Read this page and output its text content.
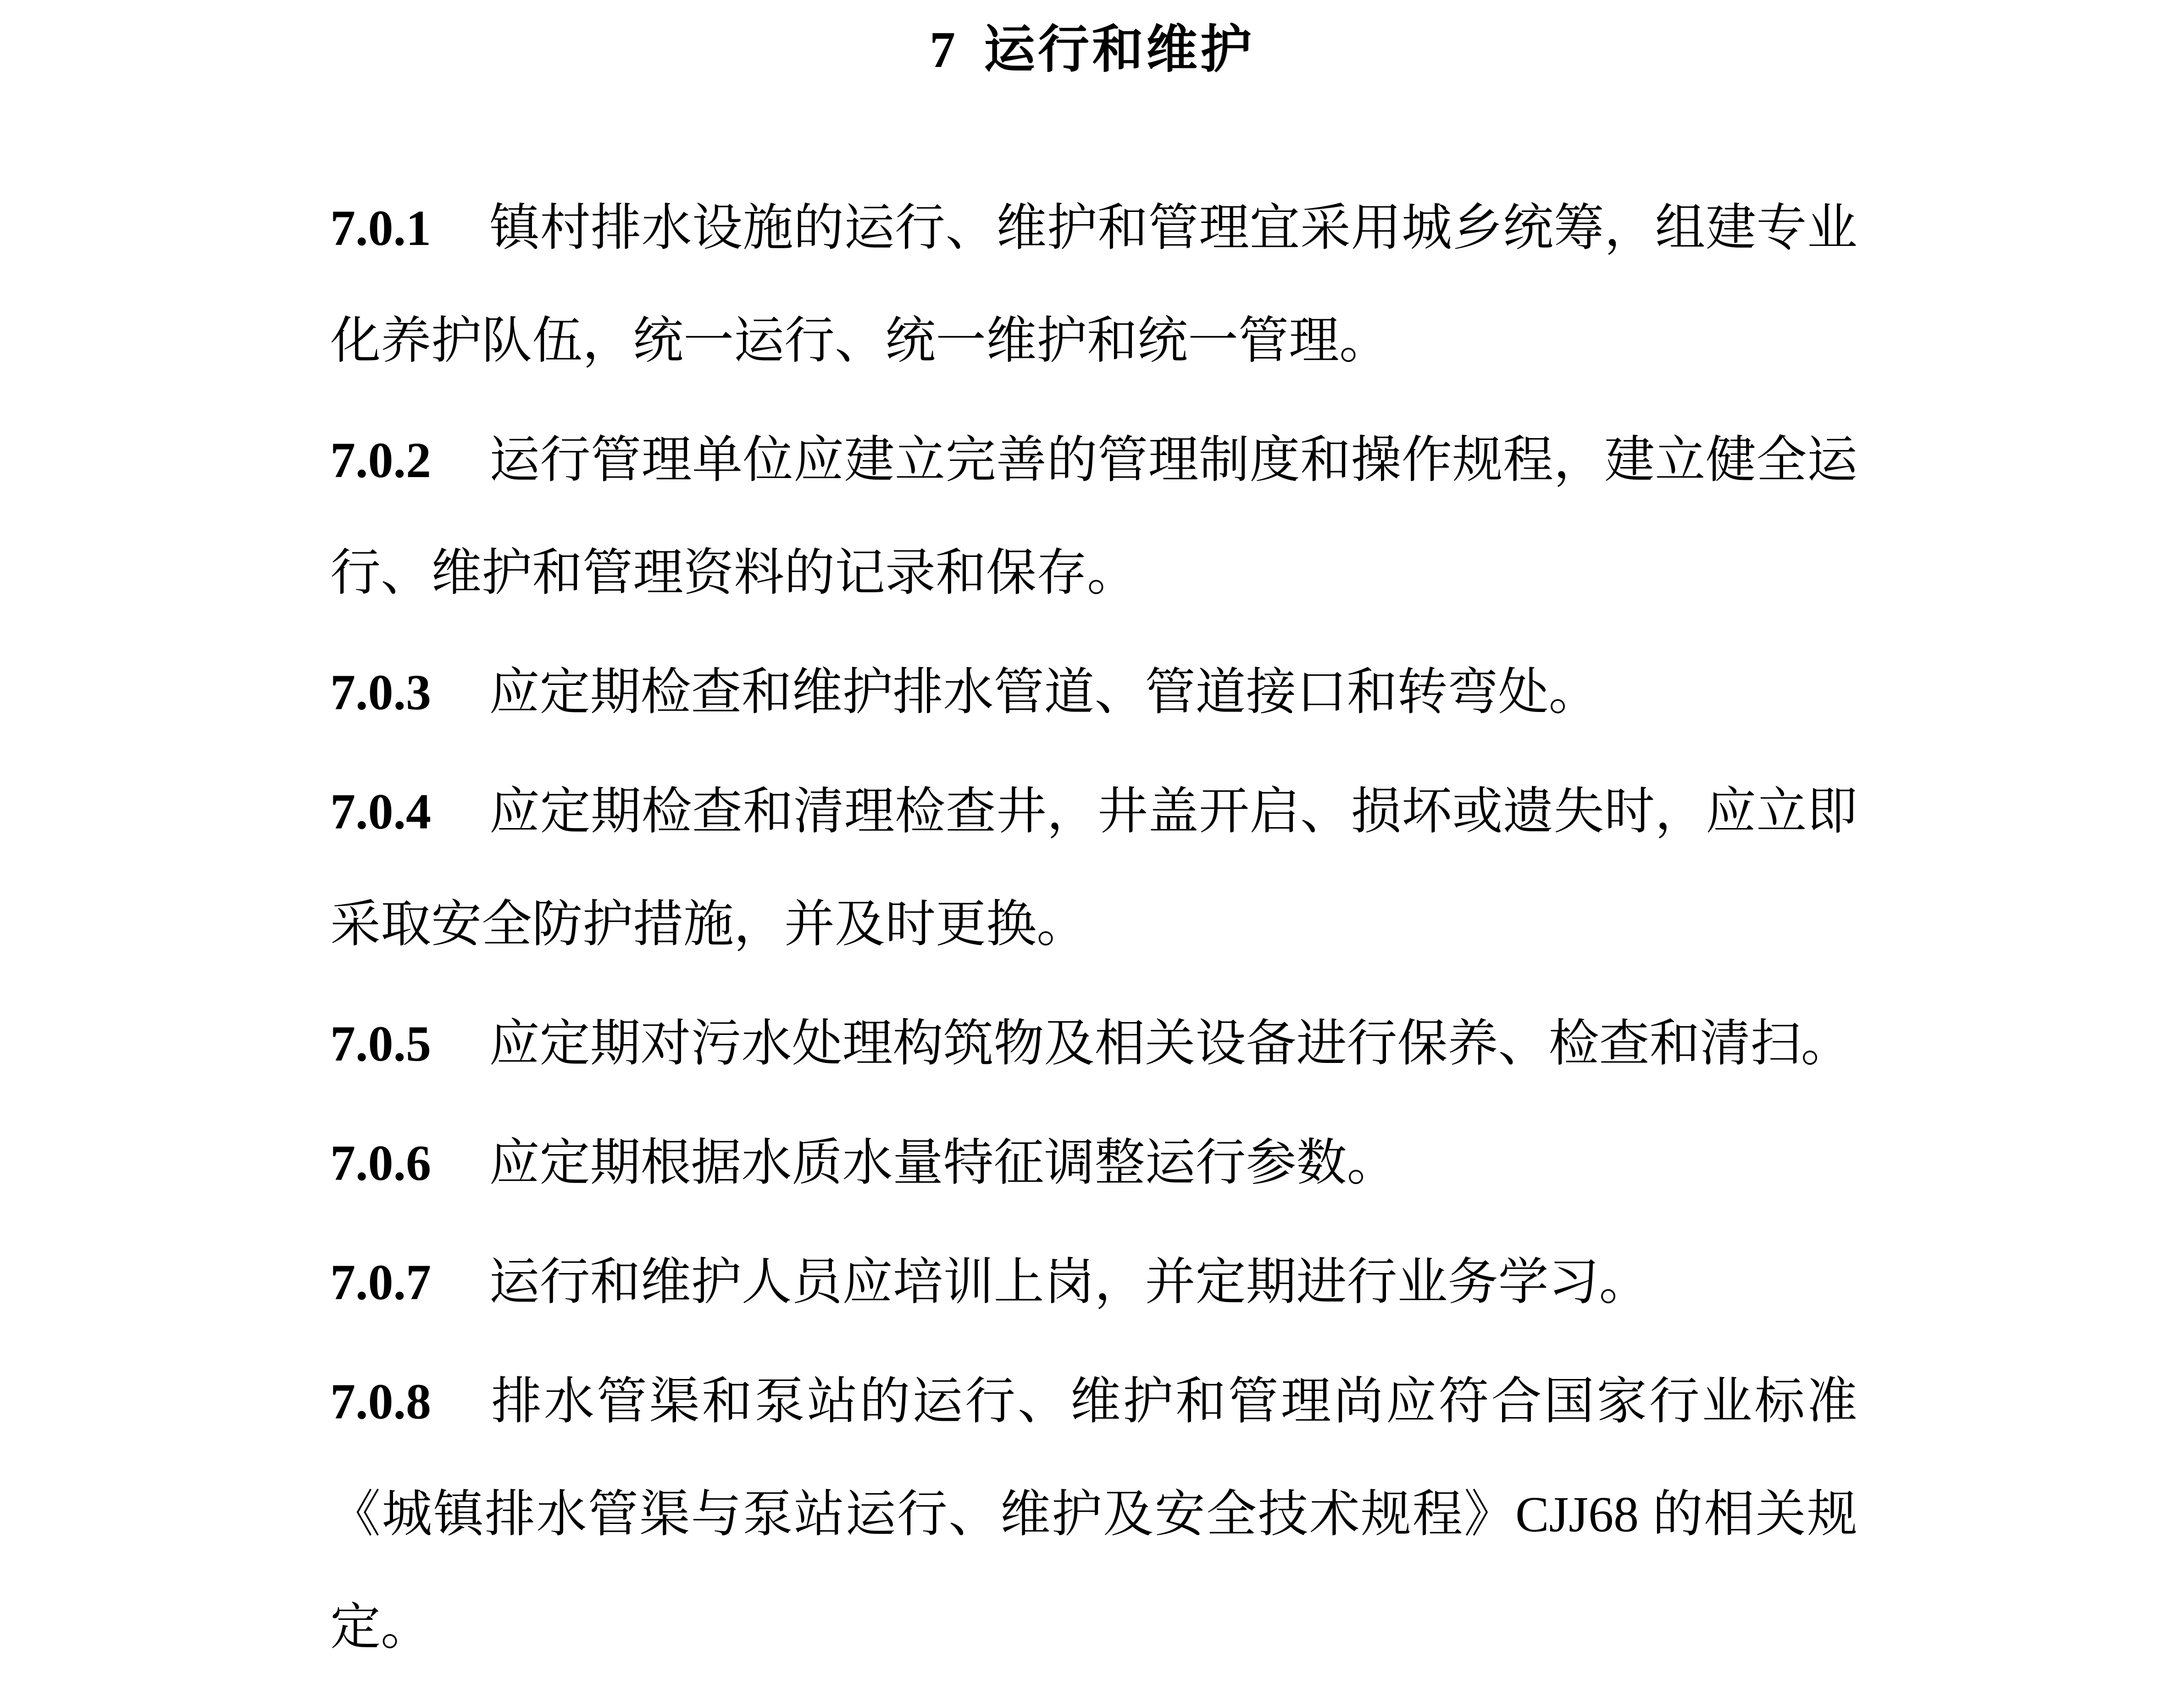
7 运行和维护

7.0.1 镇村排水设施的运行、维护和管理宜采用城乡统筹，组建专业化养护队伍，统一运行、统一维护和统一管理。

7.0.2 运行管理单位应建立完善的管理制度和操作规程，建立健全运行、维护和管理资料的记录和保存。

7.0.3 应定期检查和维护排水管道、管道接口和转弯处。

7.0.4 应定期检查和清理检查井，井盖开启、损坏或遗失时，应立即采取安全防护措施，并及时更换。

7.0.5 应定期对污水处理构筑物及相关设备进行保养、检查和清扫。

7.0.6 应定期根据水质水量特征调整运行参数。

7.0.7 运行和维护人员应培训上岗，并定期进行业务学习。

7.0.8 排水管渠和泵站的运行、维护和管理尚应符合国家行业标准《城镇排水管渠与泵站运行、维护及安全技术规程》CJJ68 的相关规定。
